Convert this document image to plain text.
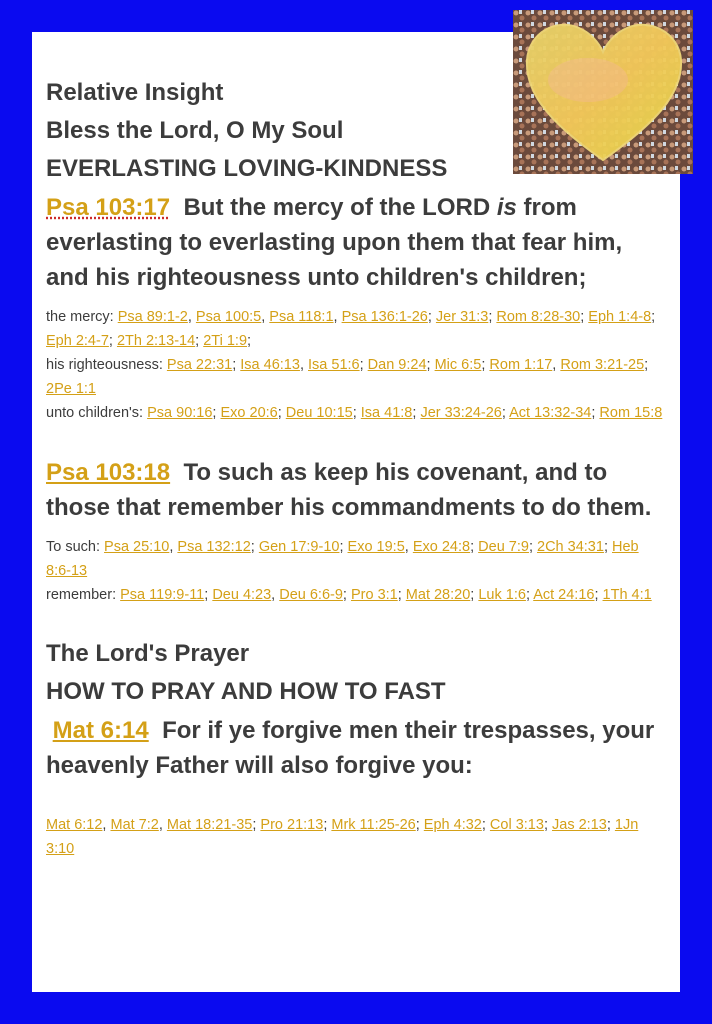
Relative Insight
Bless the Lord, O My Soul
EVERLASTING LOVING-KINDNESS
Psa 103:17 But the mercy of the LORD is from everlasting to everlasting upon them that fear him, and his righteousness unto children's children;
the mercy: Psa 89:1-2, Psa 100:5, Psa 118:1, Psa 136:1-26; Jer 31:3; Rom 8:28-30; Eph 1:4-8; Eph 2:4-7; 2Th 2:13-14; 2Ti 1:9;
his righteousness: Psa 22:31; Isa 46:13, Isa 51:6; Dan 9:24; Mic 6:5; Rom 1:17, Rom 3:21-25; 2Pe 1:1
unto children's: Psa 90:16; Exo 20:6; Deu 10:15; Isa 41:8; Jer 33:24-26; Act 13:32-34; Rom 15:8
Psa 103:18 To such as keep his covenant, and to those that remember his commandments to do them.
To such: Psa 25:10, Psa 132:12; Gen 17:9-10; Exo 19:5, Exo 24:8; Deu 7:9; 2Ch 34:31; Heb 8:6-13
remember: Psa 119:9-11; Deu 4:23, Deu 6:6-9; Pro 3:1; Mat 28:20; Luk 1:6; Act 24:16; 1Th 4:1
The Lord's Prayer
HOW TO PRAY AND HOW TO FAST
Mat 6:14 For if ye forgive men their trespasses, your heavenly Father will also forgive you:
Mat 6:12, Mat 7:2, Mat 18:21-35; Pro 21:13; Mrk 11:25-26; Eph 4:32; Col 3:13; Jas 2:13; 1Jn 3:10
